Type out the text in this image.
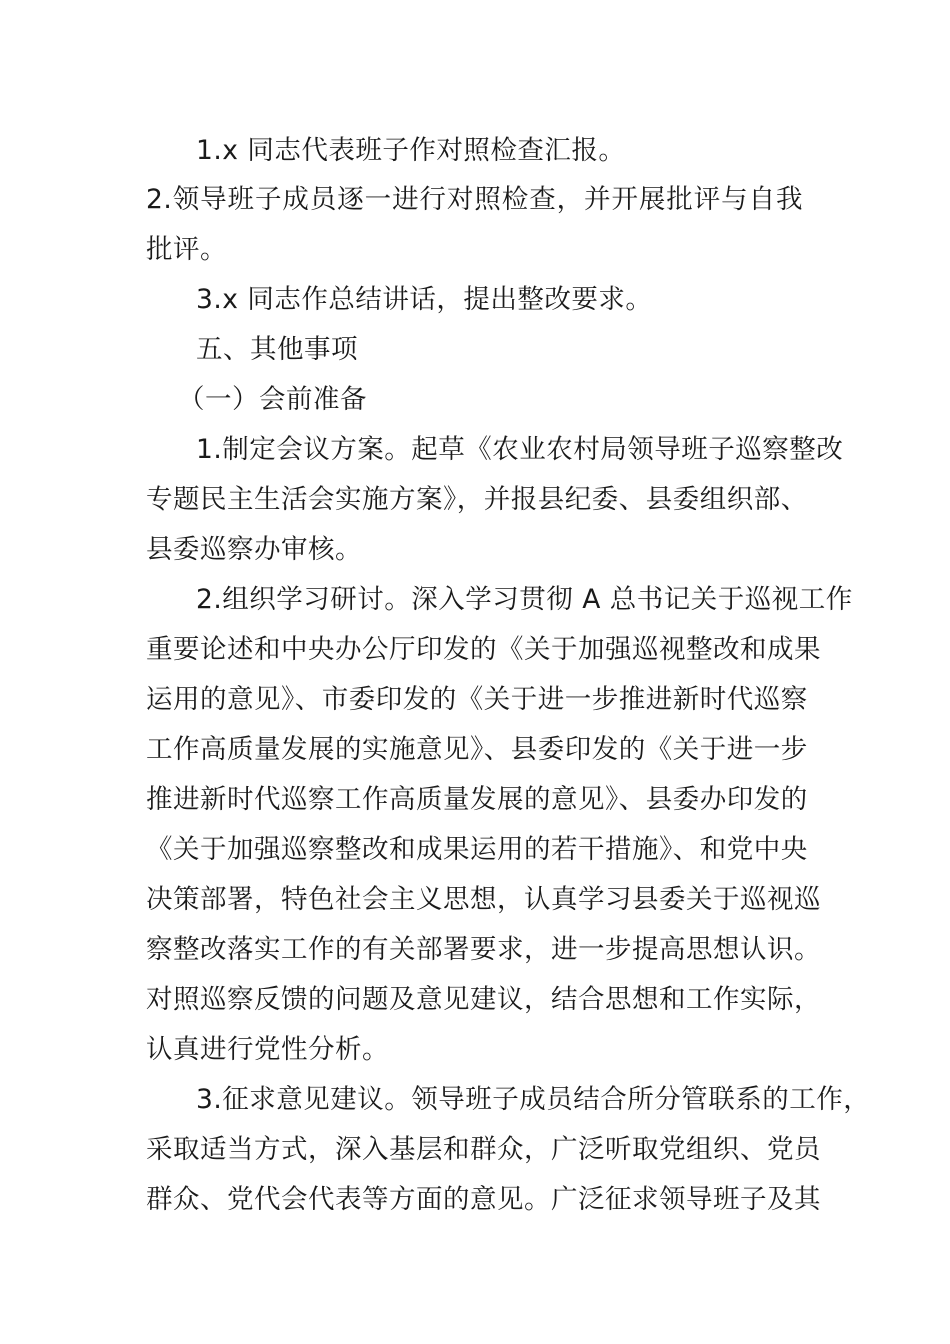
1.x 同志代表班子作对照检查汇报。
2.领导班子成员逐一进行对照检查，并开展批评与自我
批评。
3.x 同志作总结讲话，提出整改要求。
五、其他事项
（一）会前准备
1.制定会议方案。起草《农业农村局领导班子巡察整改
专题民主生活会实施方案》，并报县纪委、县委组织部、
县委巡察办审核。
2.组织学习研讨。深入学习贯彻 A 总书记关于巡视工作
重要论述和中央办公厅印发的《关于加强巡视整改和成果
运用的意见》、市委印发的《关于进一步推进新时代巡察
工作高质量发展的实施意见》、县委印发的《关于进一步
推进新时代巡察工作高质量发展的意见》、县委办印发的
《关于加强巡察整改和成果运用的若干措施》、和党中央
决策部署，特色社会主义思想，认真学习县委关于巡视巡
察整改落实工作的有关部署要求，进一步提高思想认识。
对照巡察反馈的问题及意见建议，结合思想和工作实际，
认真进行党性分析。
3.征求意见建议。领导班子成员结合所分管联系的工作，
采取适当方式，深入基层和群众，广泛听取党组织、党员
群众、党代会代表等方面的意见。广泛征求领导班子及其
